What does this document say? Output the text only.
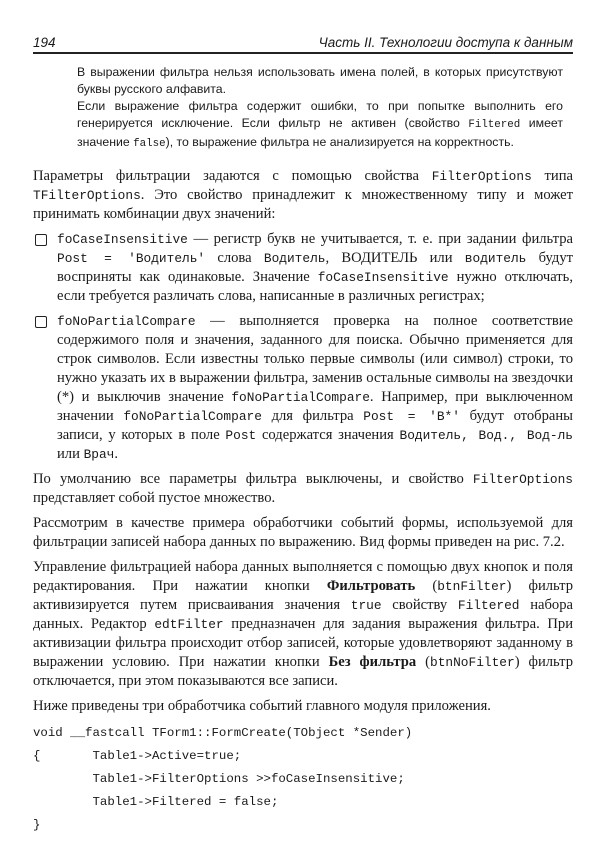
194	Часть II. Технологии доступа к данным

В выражении фильтра нельзя использовать имена полей, в которых присутствуют буквы русского алфавита.

Если выражение фильтра содержит ошибки, то при попытке выполнить его генерируется исключение. Если фильтр не активен (свойство Filtered имеет значение false), то выражение фильтра не анализируется на корректность.

Параметры фильтрации задаются с помощью свойства FilterOptions типа TFilterOptions. Это свойство принадлежит к множественному типу и может принимать комбинации двух значений:

foCaseInsensitive — регистр букв не учитывается, т. е. при задании фильтра Post = 'Водитель' слова Водитель, ВОДИТЕЛЬ или водитель будут восприняты как одинаковые. Значение foCaseInsensitive нужно отключать, если требуется различать слова, написанные в различных регистрах;
foNoPartialCompare — выполняется проверка на полное соответствие содержимого поля и значения, заданного для поиска. Обычно применяется для строк символов. Если известны только первые символы (или символ) строки, то нужно указать их в выражении фильтра, заменив остальные символы на звездочки (*) и выключив значение foNoPartialCompare. Например, при выключенном значении foNoPartialCompare для фильтра Post = 'B*' будут отобраны записи, у которых в поле Post содержатся значения Водитель, Вод., Вод-ль или Врач.

По умолчанию все параметры фильтра выключены, и свойство FilterOptions представляет собой пустое множество.

Рассмотрим в качестве примера обработчики событий формы, используемой для фильтрации записей набора данных по выражению. Вид формы приведен на рис. 7.2.

Управление фильтрацией набора данных выполняется с помощью двух кнопок и поля редактирования. При нажатии кнопки Фильтровать (btnFilter) фильтр активизируется путем присваивания значения true свойству Filtered набора данных. Редактор edtFilter предназначен для задания выражения фильтра. При активизации фильтра происходит отбор записей, которые удовлетворяют заданному в выражении условию. При нажатии кнопки Без фильтра (btnNoFilter) фильтр отключается, при этом показываются все записи.

Ниже приведены три обработчика событий главного модуля приложения.

void __fastcall TForm1::FormCreate(TObject *Sender)
{       Table1->Active=true;
Table1->FilterOptions >>foCaseInsensitive;
Table1->Filtered = false;
}
